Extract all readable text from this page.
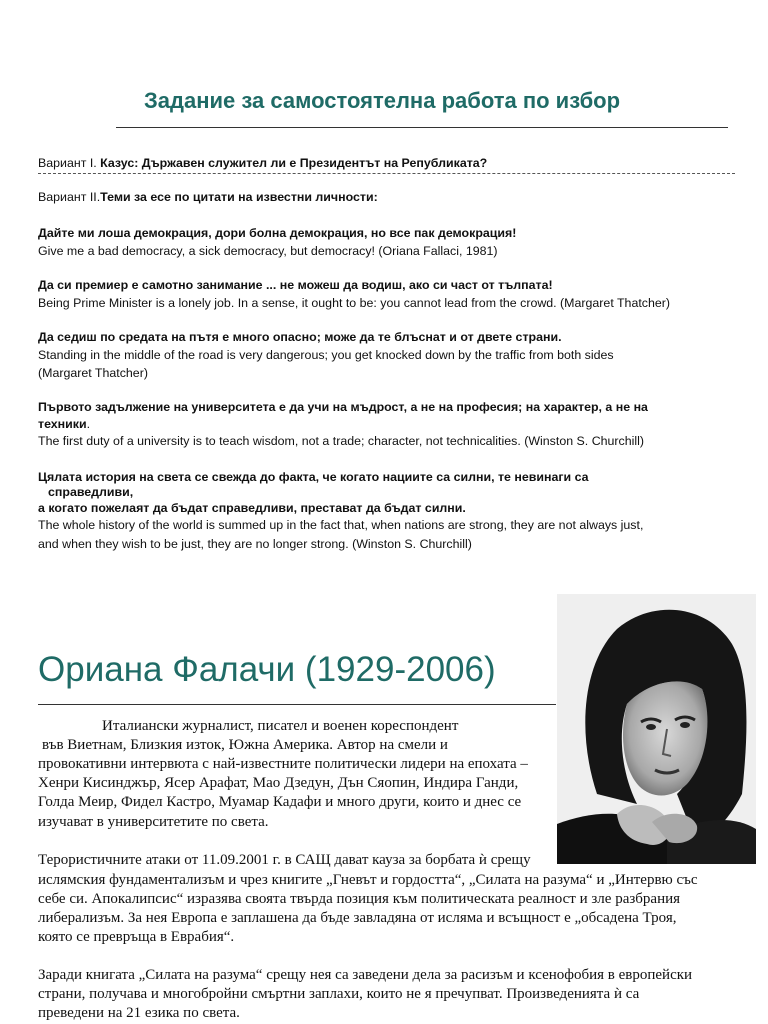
Задание за самостоятелна работа по избор
Вариант I. Казус: Държавен служител ли е Президентът на Републиката?
Вариант II.Теми за есе по цитати на известни личности:
Дайте ми лоша демокрация, дори болна демокрация, но все пак демокрация!
Give me a bad democracy, a sick democracy, but democracy! (Oriana Fallaci, 1981)
Да си премиер е самотно занимание ... не можеш да водиш, ако си част от тълпата!
Being Prime Minister is a lonely job. In a sense, it ought to be: you cannot lead from the crowd. (Margaret Thatcher)
Да седиш по средата на пътя е много опасно; може да те блъснат и от двете страни.
Standing in the middle of the road is very dangerous; you get knocked down by the traffic from both sides
(Margaret Thatcher)
Първото задължение на университета е да учи на мъдрост, а не на професия; на характер, а не на
техники.
The first duty of a university is to teach wisdom, not a trade; character, not technicalities. (Winston S. Churchill)
Цялата история на света се свежда до факта, че когато нациите са силни, те невинаги са
справедливи,
а когато пожелаят да бъдат справедливи, престават да бъдат силни.
The whole history of the world is summed up in the fact that, when nations are strong, they are not always just,
and when they wish to be just, they are no longer strong. (Winston S. Churchill)
Ориана Фалачи (1929-2006)
Италиански журналист, писател и военен кореспондент
във Виетнам, Близкия изток, Южна Америка. Автор на смели и
провокативни интервюта с най-известните политически лидери на епохата –
Хенри Кисинджър, Ясер Арафат, Мао Дзедун, Дън Сяопин, Индира Ганди,
Голда Меир, Фидел Кастро, Муамар Кадафи и много други, които и днес се
изучават в университетите по света.
Терористичните атаки от 11.09.2001 г. в САЩ дават кауза за борбата ѝ срещу
ислямския фундаментализъм и чрез книгите „Гневът и гордостта“, „Силата на разума“ и „Интервю със
себе си. Апокалипсис“ изразява своята твърда позиция към политическата реалност и зле разбрания
либерализъм. За нея Европа е заплашена да бъде завладяна от исляма и всъщност е „обсадена Троя,
която се превръща в Еврабия“.
Заради книгата „Силата на разума“ срещу нея са заведени дела за расизъм и ксенофобия в европейски
страни, получава и многобройни смъртни заплахи, които не я пречупват. Произведенията ѝ са
преведени на 21 езика по света.
